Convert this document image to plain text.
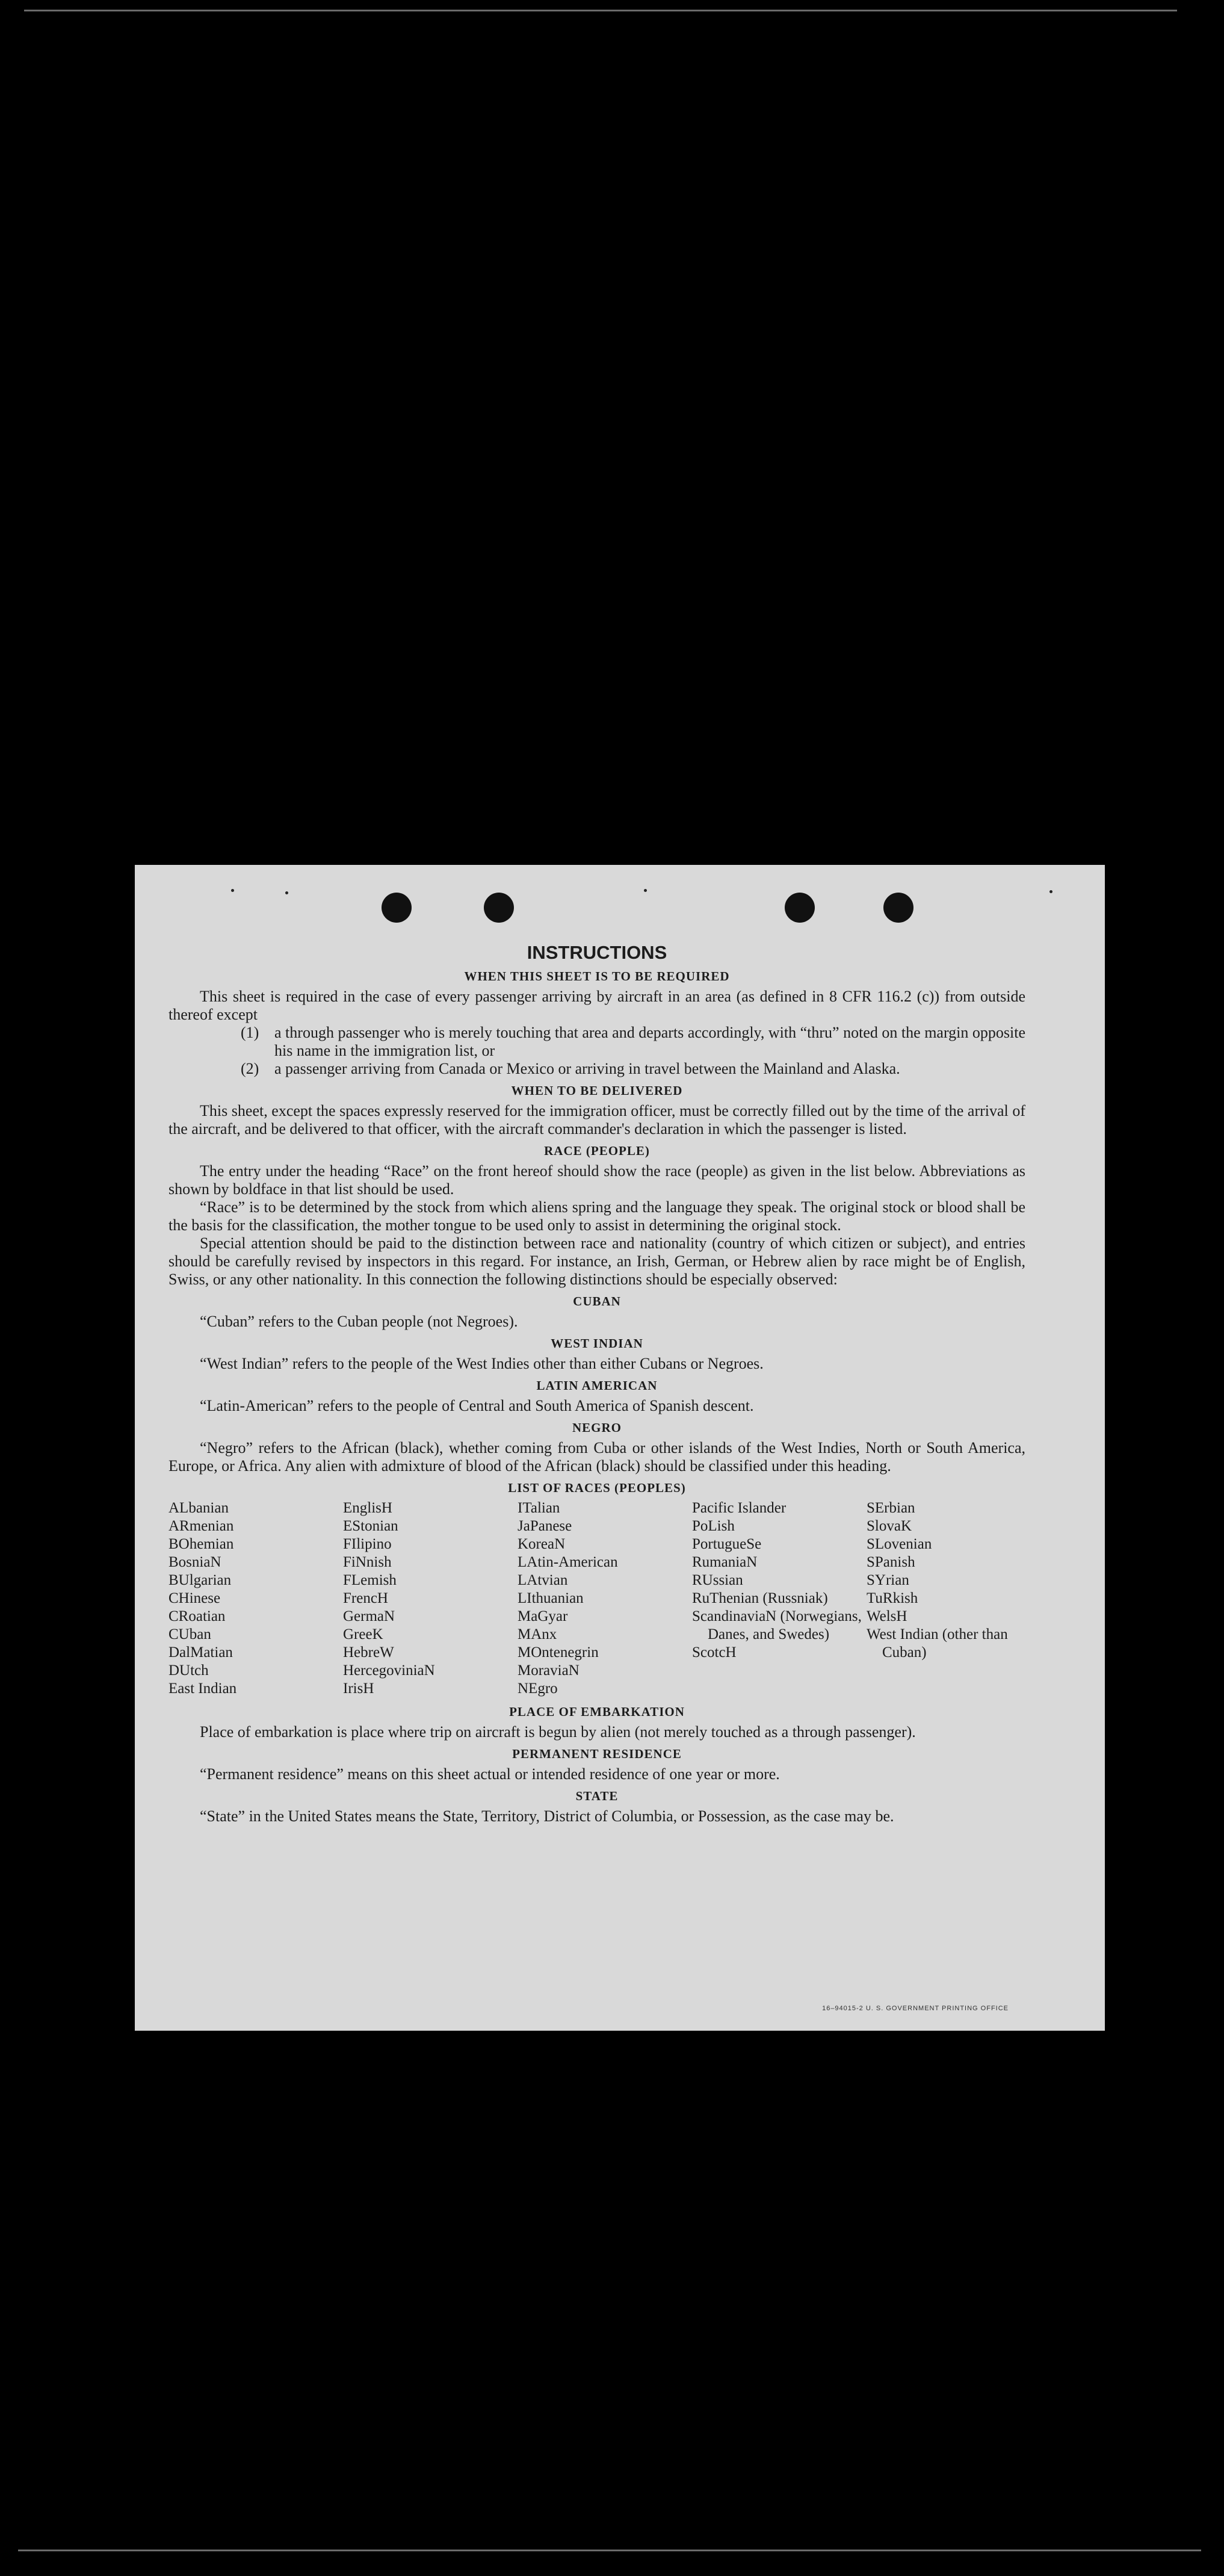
INSTRUCTIONS
WHEN THIS SHEET IS TO BE REQUIRED

This sheet is required in the case of every passenger arriving by aircraft in an area (as defined in 8 CFR 116.2 (c)) from outside thereof except

(1) a through passenger who is merely touching that area and departs accordingly, with “thru” noted on the margin opposite his name in the immigration list, or
(2) a passenger arriving from Canada or Mexico or arriving in travel between the Mainland and Alaska.
WHEN TO BE DELIVERED

This sheet, except the spaces expressly reserved for the immigration officer, must be correctly filled out by the time of the arrival of the aircraft, and be delivered to that officer, with the aircraft commander's declaration in which the passenger is listed.

RACE (PEOPLE)

The entry under the heading “Race” on the front hereof should show the race (people) as given in the list below. Abbreviations as shown by boldface in that list should be used.

“Race” is to be determined by the stock from which aliens spring and the language they speak. The original stock or blood shall be the basis for the classification, the mother tongue to be used only to assist in determining the original stock.

Special attention should be paid to the distinction between race and nationality (country of which citizen or subject), and entries should be carefully revised by inspectors in this regard. For instance, an Irish, German, or Hebrew alien by race might be of English, Swiss, or any other nationality. In this connection the following distinctions should be especially observed:

CUBAN

“Cuban” refers to the Cuban people (not Negroes).

WEST INDIAN

“West Indian” refers to the people of the West Indies other than either Cubans or Negroes.

LATIN AMERICAN

“Latin-American” refers to the people of Central and South America of Spanish descent.

NEGRO

“Negro” refers to the African (black), whether coming from Cuba or other islands of the West Indies, North or South America, Europe, or Africa. Any alien with admixture of blood of the African (black) should be classified under this heading.

LIST OF RACES (PEOPLES)
ALbanian
ARmenian
BOhemian
BosniaN
BUlgarian
CHinese
CRoatian
CUban
DalMatian
DUtch
East Indian
EnglisH
EStonian
FIlipino
FiNnish
FLemish
FrencH
GermaN
GreeK
HebreW
HercegoviniaN
IrisH
ITalian
JaPanese
KoreaN
LAtin-American
LAtvian
LIthuanian
MaGyar
MAnx
MOntenegrin
MoraviaN
NEgro
Pacific Islander
PoLish
PortugueSe
RumaniaN
RUssian
RuThenian (Russniak)
ScandinaviaN (Norwegians, Danes, and Swedes)
ScotcH
SErbian
SlovaK
SLovenian
SPanish
SYrian
TuRkish
WelsH
West Indian (other than Cuban)
PLACE OF EMBARKATION

Place of embarkation is place where trip on aircraft is begun by alien (not merely touched as a through passenger).

PERMANENT RESIDENCE

“Permanent residence” means on this sheet actual or intended residence of one year or more.

STATE

“State” in the United States means the State, Territory, District of Columbia, or Possession, as the case may be.

16–94015-2 U. S. GOVERNMENT PRINTING OFFICE
